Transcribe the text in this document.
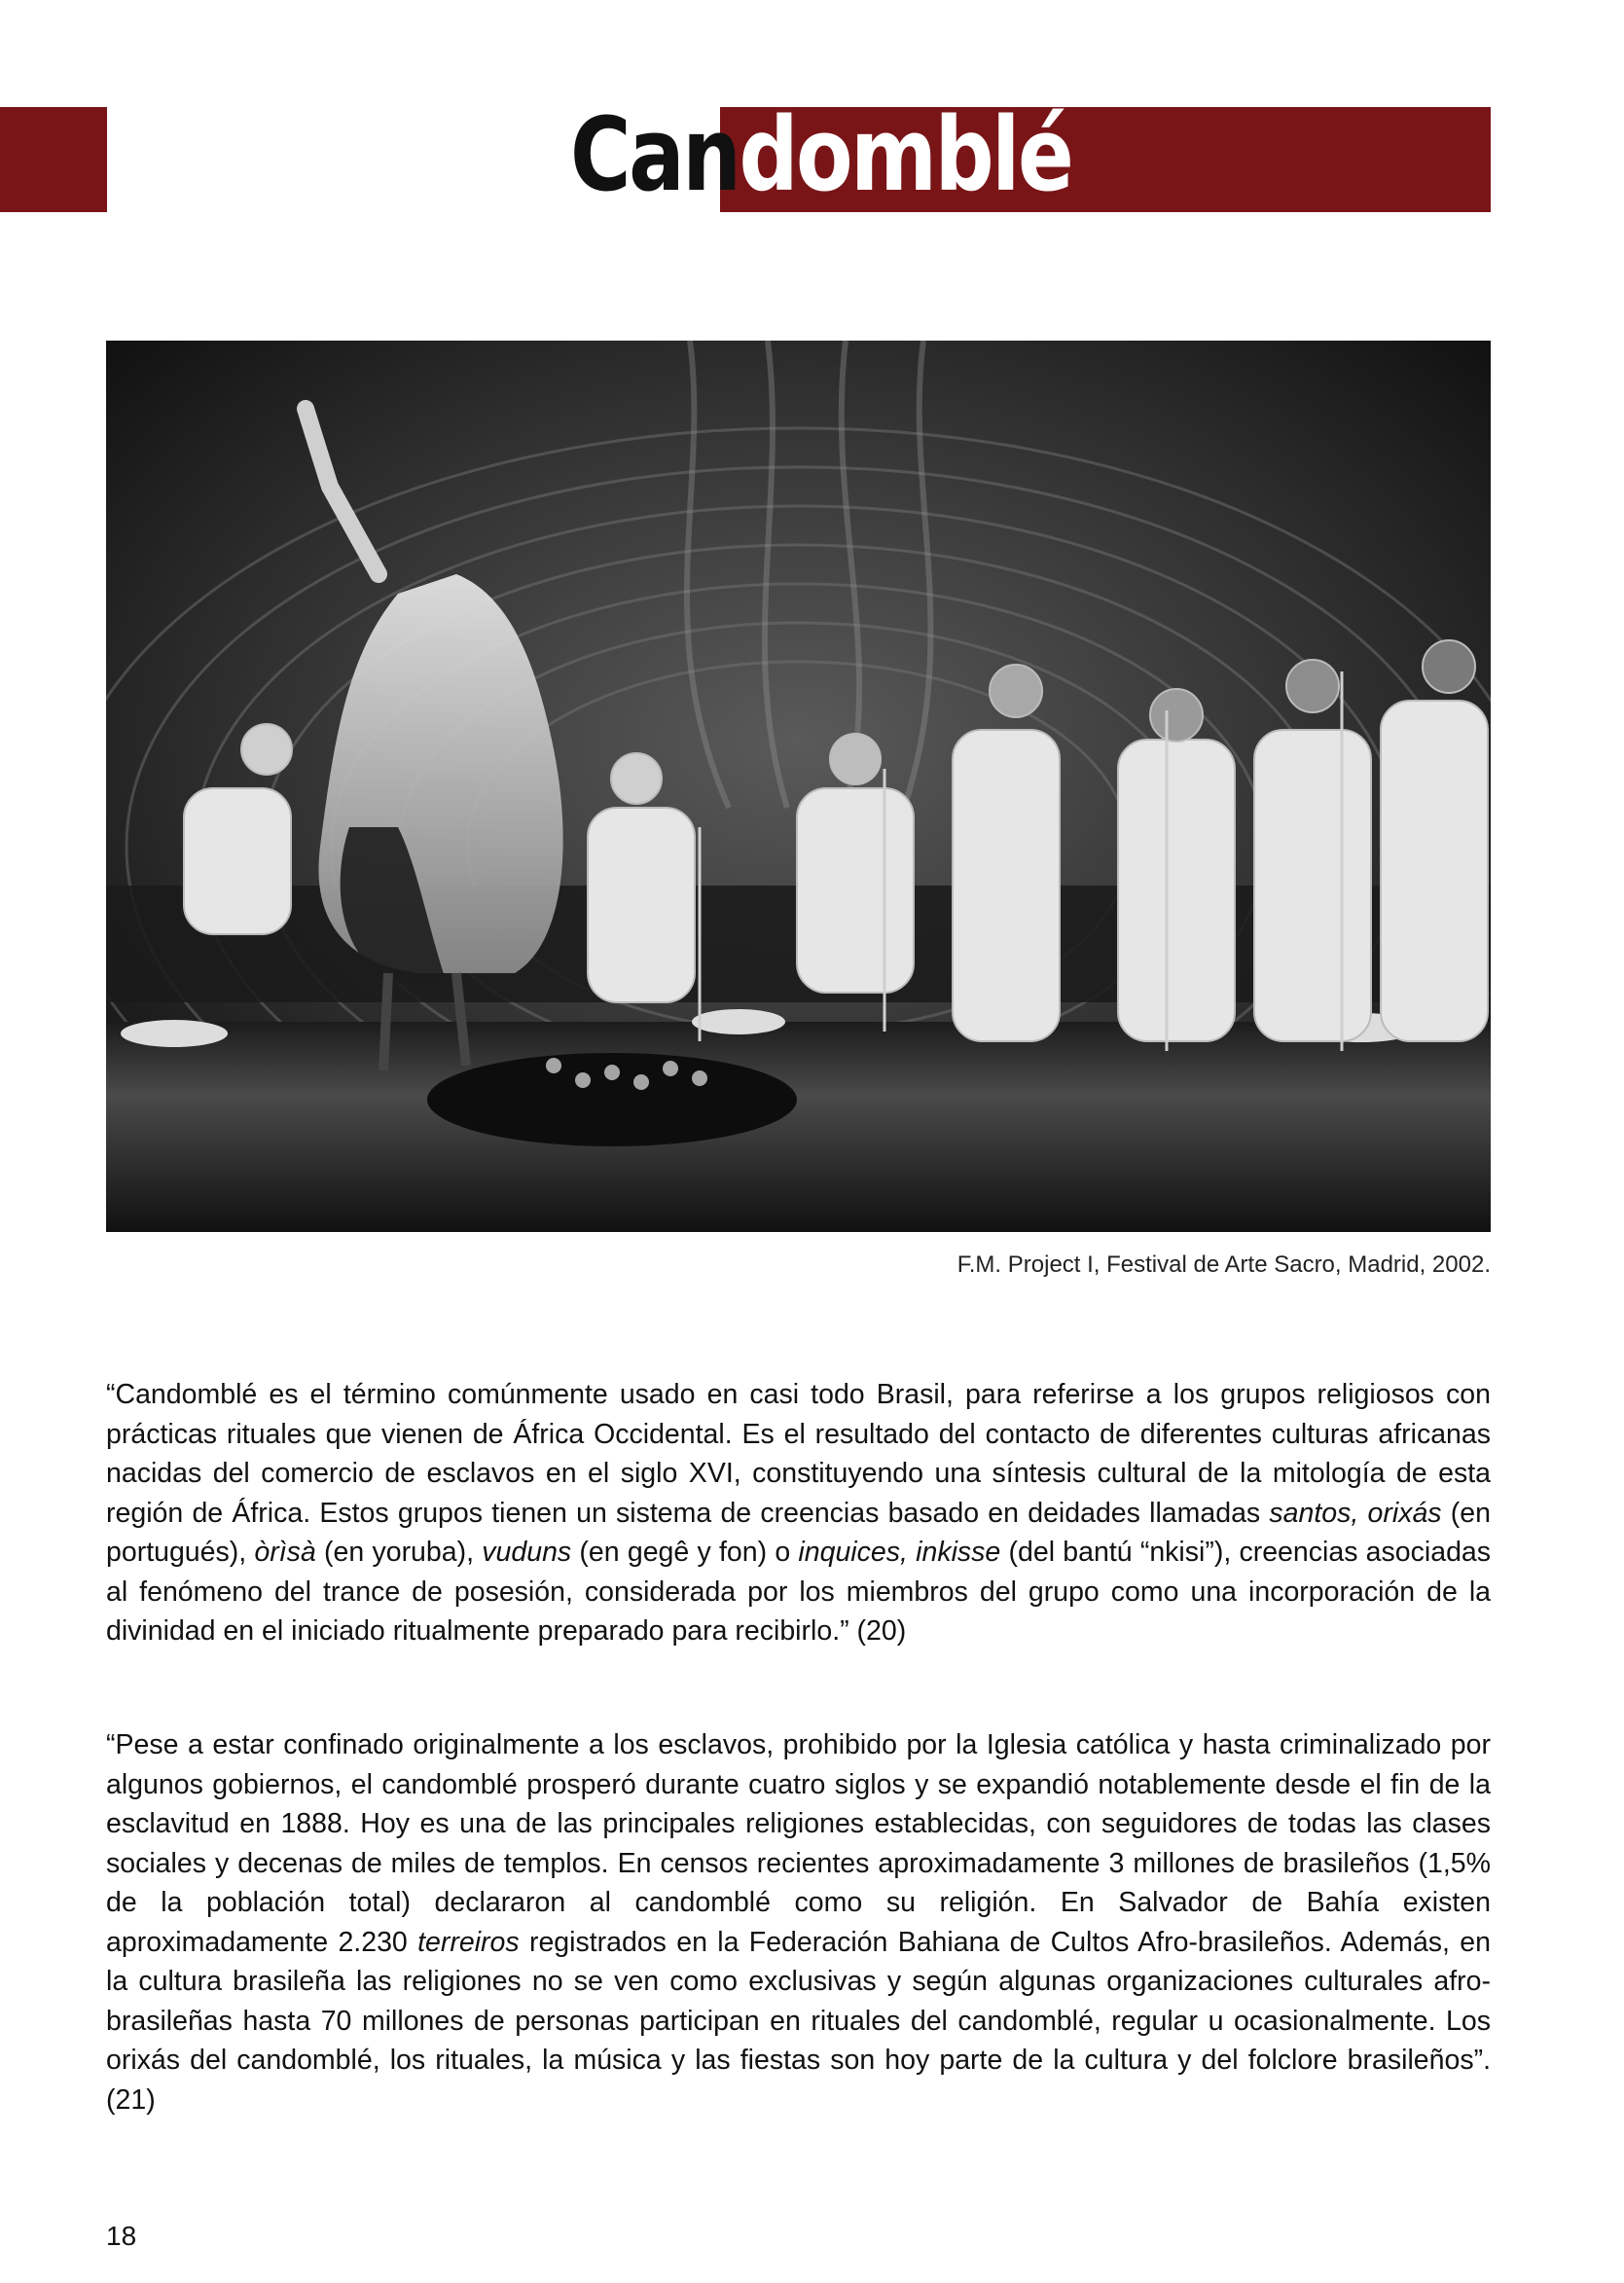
Candomblé
F.M. Project I, Festival de Arte Sacro, Madrid, 2002.

“Candomblé es el término comúnmente usado en casi todo Brasil, para referirse a los grupos religiosos con prácticas rituales que vienen de África Occidental. Es el resultado del contacto de diferentes culturas africanas nacidas del comercio de esclavos en el siglo XVI, constituyendo una síntesis cultural de la mitología de esta región de África. Estos grupos tienen un sistema de creencias basado en deidades llamadas santos, orixás (en portugués), òrìsà (en yoruba), vuduns (en gegê y fon) o inquices, inkisse (del bantú “nkisi”), creencias asociadas al fenómeno del trance de posesión, considerada por los miembros del grupo como una incorporación de la divinidad en el iniciado ritualmente preparado para recibirlo.” (20)

“Pese a estar confinado originalmente a los esclavos, prohibido por la Iglesia católica y hasta criminalizado por algunos gobiernos, el candomblé prosperó durante cuatro siglos y se expandió notablemente desde el fin de la esclavitud en 1888. Hoy es una de las principales religiones establecidas, con seguidores de todas las clases sociales y decenas de miles de templos. En censos recientes aproximadamente 3 millones de brasileños (1,5% de la población total) declararon al candomblé como su religión. En Salvador de Bahía existen aproximadamente 2.230 terreiros registrados en la Federación Bahiana de Cultos Afro-brasileños. Además, en la cultura brasileña las religiones no se ven como exclusivas y según algunas organizaciones culturales afro-brasileñas hasta 70 millones de personas participan en rituales del candomblé, regular u ocasionalmente. Los orixás del candomblé, los rituales, la música y las fiestas son hoy parte de la cultura y del folclore brasileños”. (21)

18
